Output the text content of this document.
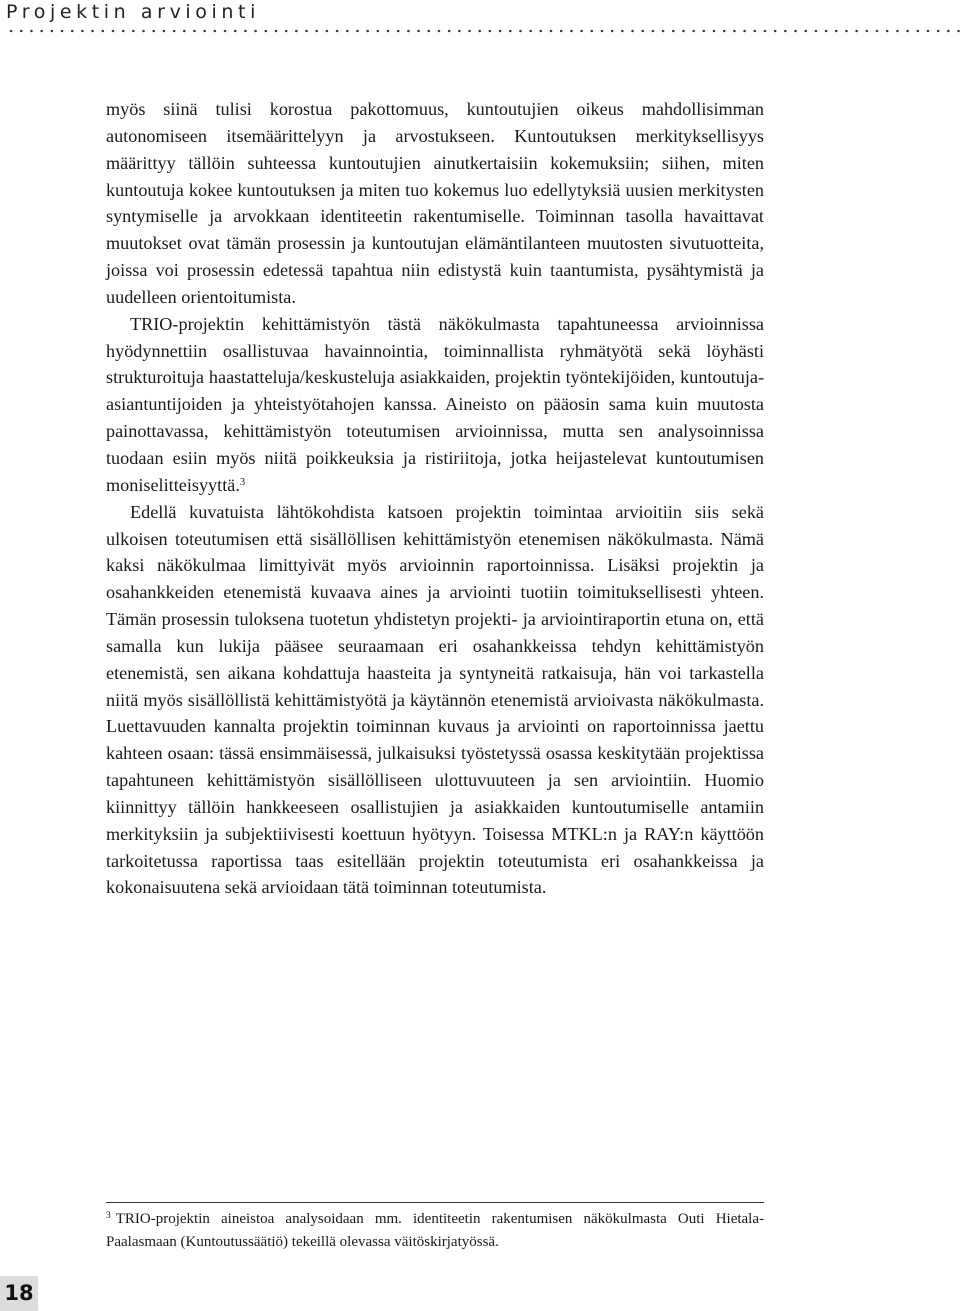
Projektin arviointi

myös siinä tulisi korostua pakottomuus, kuntoutujien oikeus mahdollisimman autonomiseen itsemäärittelyyn ja arvostukseen. Kuntoutuksen merkityksellisyys määrittyy tällöin suhteessa kuntoutujien ainutkertaisiin kokemuksiin; siihen, miten kuntoutuja kokee kuntoutuksen ja miten tuo kokemus luo edellytyksiä uusien merkitysten syntymiselle ja arvokkaan identiteetin rakentumiselle. Toiminnan tasolla havaittavat muutokset ovat tämän prosessin ja kuntoutujan elämäntilanteen muutosten sivutuotteita, joissa voi prosessin edetessä tapahtua niin edistystä kuin taantumista, pysähtymistä ja uudelleen orientoitumista.

TRIO-projektin kehittämistyön tästä näkökulmasta tapahtuneessa arvioinnissa hyödynnettiin osallistuvaa havainnointia, toiminnallista ryhmätyötä sekä löyhästi strukturoituja haastatteluja/keskusteluja asiakkaiden, projektin työntekijöiden, kuntoutuja-asiantuntijoiden ja yhteistyötahojen kanssa. Aineisto on pääosin sama kuin muutosta painottavassa, kehittämistyön toteutumisen arvioinnissa, mutta sen analysoinnissa tuodaan esiin myös niitä poikkeuksia ja ristiriitoja, jotka heijastelevat kuntoutumisen moniselitteisyyttä.$^3$

Edellä kuvatuista lähtökohdista katsoen projektin toimintaa arvioitiin siis sekä ulkoisen toteutumisen että sisällöllisen kehittämistyön etenemisen näkökulmasta. Nämä kaksi näkökulmaa limittyivät myös arvioinnin raportoinnissa. Lisäksi projektin ja osahankkeiden etenemistä kuvaava aines ja arviointi tuotiin toimituksellisesti yhteen. Tämän prosessin tuloksena tuotetun yhdistetyn projekti- ja arviointiraportin etuna on, että samalla kun lukija pääsee seuraamaan eri osahankkeissa tehdyn kehittämistyön etenemistä, sen aikana kohdattuja haasteita ja syntyneitä ratkaisuja, hän voi tarkastella niitä myös sisällöllistä kehittämistyötä ja käytännön etenemistä arvioivasta näkökulmasta. Luettavuuden kannalta projektin toiminnan kuvaus ja arviointi on raportoinnissa jaettu kahteen osaan: tässä ensimmäisessä, julkaisuksi työstetyssä osassa keskitytään projektissa tapahtuneen kehittämistyön sisällölliseen ulottuvuuteen ja sen arviointiin. Huomio kiinnittyy tällöin hankkeeseen osallistujien ja asiakkaiden kuntoutumiselle antamiin merkityksiin ja subjektiivisesti koettuun hyötyyn. Toisessa MTKL:n ja RAY:n käyttöön tarkoitetussa raportissa taas esitellään projektin toteutumista eri osahankkeissa ja kokonaisuutena sekä arvioidaan tätä toiminnan toteutumista.

$^3$ TRIO-projektin aineistoa analysoidaan mm. identiteetin rakentumisen näkökulmasta Outi Hietala-Paalasmaan (Kuntoutussäätiö) tekeillä olevassa väitöskirjatyössä.
18
